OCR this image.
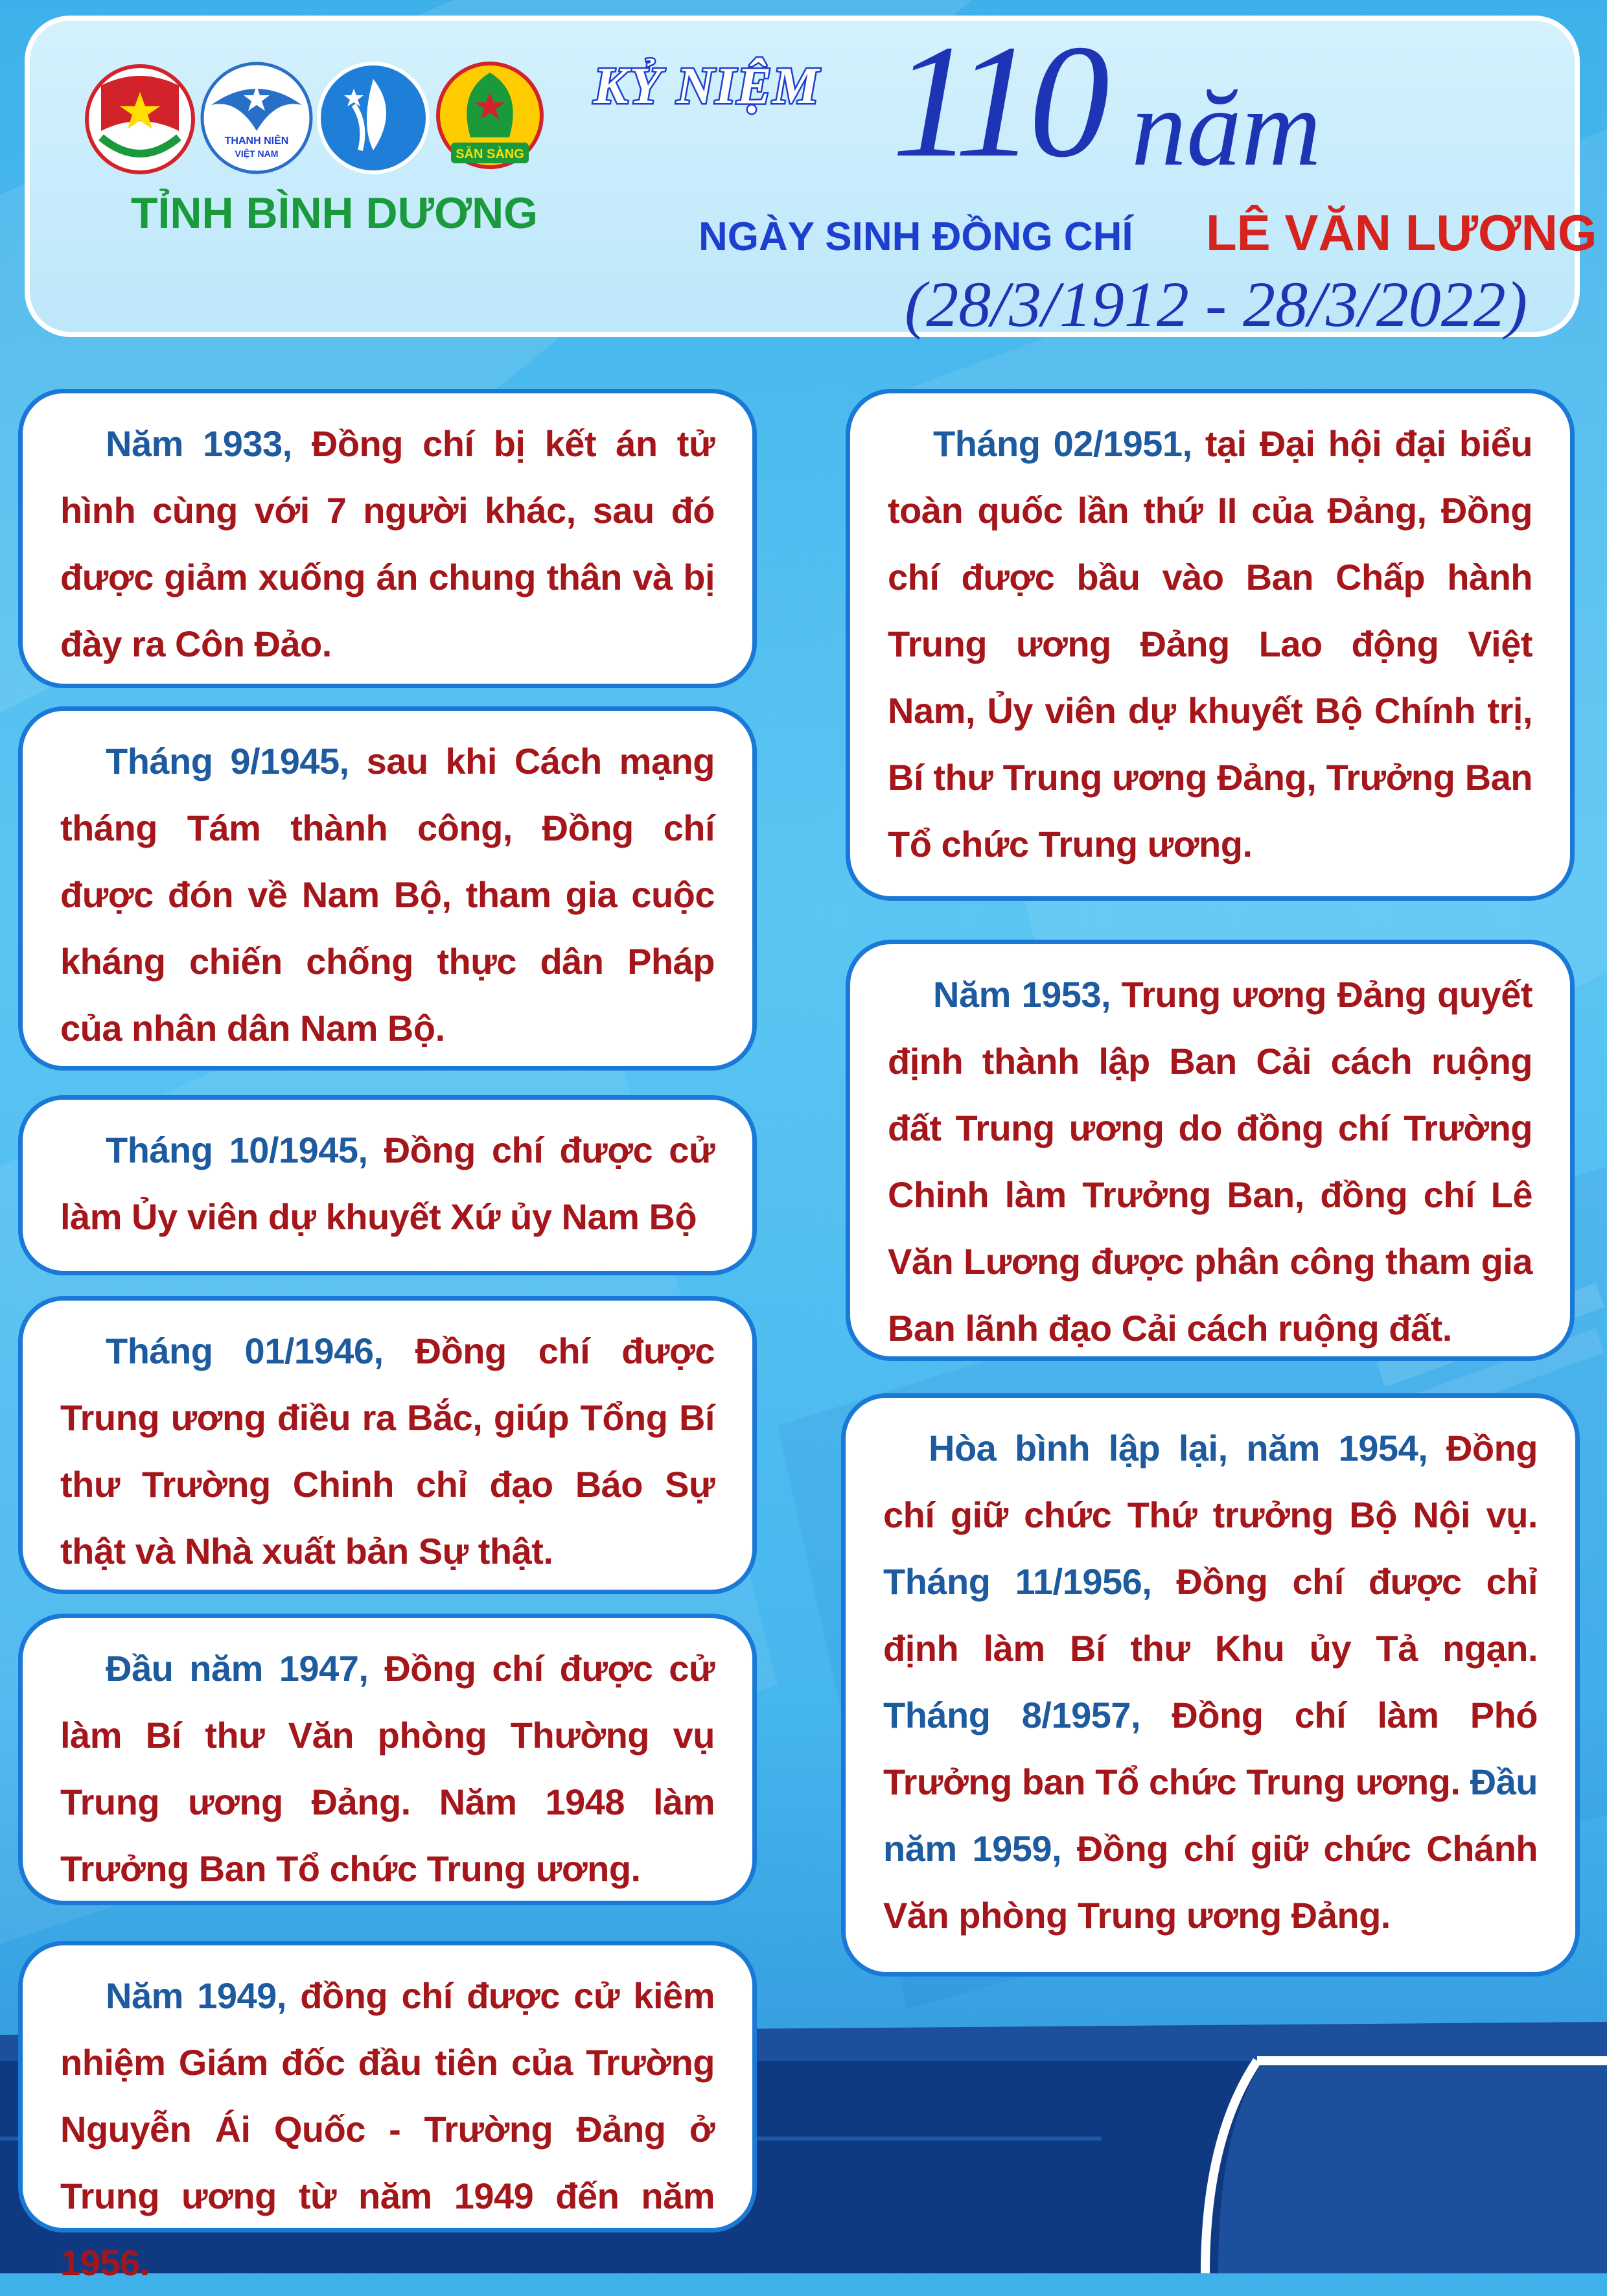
THANH NIÊN
VIỆT NAM	SẴN SÀNG
TỈNH BÌNH DƯƠNG
KỶ NIỆM 110 năm
NGÀY SINH ĐỒNG CHÍ LÊ VĂN LƯƠNG
(28/3/1912 - 28/3/2022)

Năm 1933, Đồng chí bị kết án tử hình cùng với 7 người khác, sau đó được giảm xuống án chung thân và bị đày ra Côn Đảo.

Tháng 9/1945, sau khi Cách mạng tháng Tám thành công, Đồng chí được đón về Nam Bộ, tham gia cuộc kháng chiến chống thực dân Pháp của nhân dân Nam Bộ.

Tháng 10/1945, Đồng chí được cử làm Ủy viên dự khuyết Xứ ủy Nam Bộ

Tháng 01/1946, Đồng chí được Trung ương điều ra Bắc, giúp Tổng Bí thư Trường Chinh chỉ đạo Báo Sự thật và Nhà xuất bản Sự thật.

Đầu năm 1947, Đồng chí được cử làm Bí thư Văn phòng Thường vụ Trung ương Đảng. Năm 1948 làm Trưởng Ban Tổ chức Trung ương.

Năm 1949, đồng chí được cử kiêm nhiệm Giám đốc đầu tiên của Trường Nguyễn Ái Quốc - Trường Đảng ở Trung ương từ năm 1949 đến năm 1956.

Tháng 02/1951, tại Đại hội đại biểu toàn quốc lần thứ II của Đảng, Đồng chí được bầu vào Ban Chấp hành Trung ương Đảng Lao động Việt Nam, Ủy viên dự khuyết Bộ Chính trị, Bí thư Trung ương Đảng, Trưởng Ban Tổ chức Trung ương.

Năm 1953, Trung ương Đảng quyết định thành lập Ban Cải cách ruộng đất Trung ương do đồng chí Trường Chinh làm Trưởng Ban, đồng chí Lê Văn Lương được phân công tham gia Ban lãnh đạo Cải cách ruộng đất.

Hòa bình lập lại, năm 1954, Đồng chí giữ chức Thứ trưởng Bộ Nội vụ. Tháng 11/1956, Đồng chí được chỉ định làm Bí thư Khu ủy Tả ngạn. Tháng 8/1957, Đồng chí làm Phó Trưởng ban Tổ chức Trung ương. Đầu năm 1959, Đồng chí giữ chức Chánh Văn phòng Trung ương Đảng.
